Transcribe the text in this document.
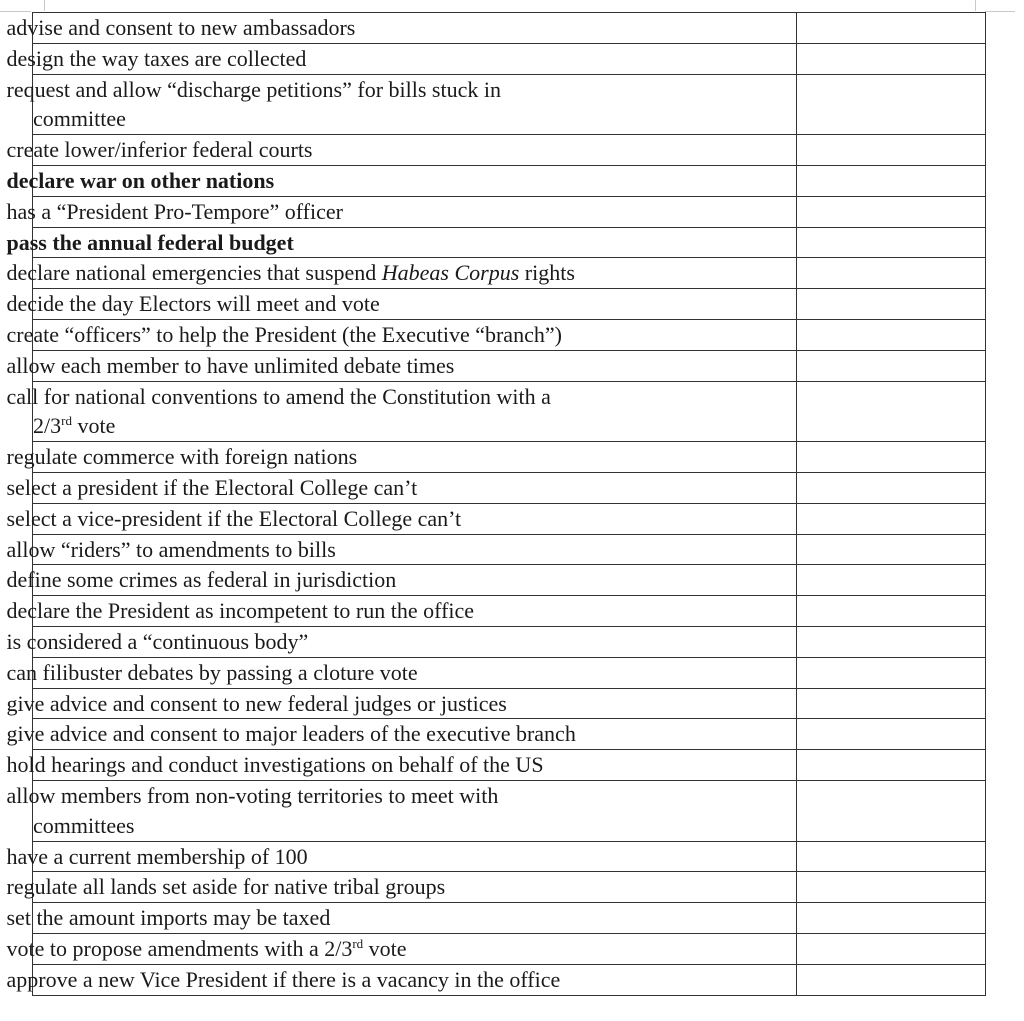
advise and consent to new ambassadors	
design the way taxes are collected	
request and allow “discharge petitions” for bills stuck in
committee	

create lower/inferior federal courts	
declare war on other nations	
has a “President Pro-Tempore” officer	
pass the annual federal budget	
declare national emergencies that suspend Habeas Corpus rights	
decide the day Electors will meet and vote	
create “officers” to help the President (the Executive “branch”)	
allow each member to have unlimited debate times	
call for national conventions to amend the Constitution with a
2/3rd vote	

regulate commerce with foreign nations	
select a president if the Electoral College can’t	
select a vice-president if the Electoral College can’t	
allow “riders” to amendments to bills	
define some crimes as federal in jurisdiction	
declare the President as incompetent to run the office	
is considered a “continuous body”	
can filibuster debates by passing a cloture vote	
give advice and consent to new federal judges or justices	
give advice and consent to major leaders of the executive branch	
hold hearings and conduct investigations on behalf of the US	
allow members from non-voting territories to meet with
committees	

have a current membership of 100	
regulate all lands set aside for native tribal groups	
set the amount imports may be taxed	
vote to propose amendments with a 2/3rd vote	
approve a new Vice President if there is a vacancy in the office	
